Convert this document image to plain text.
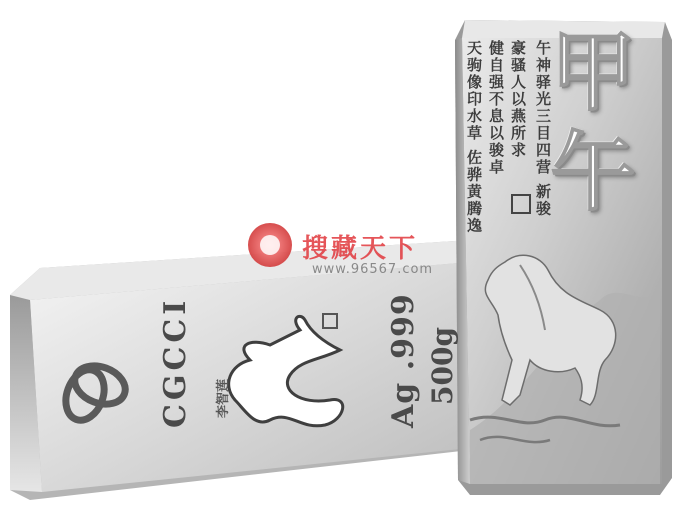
CGCCI	李智莲	Ag .999 500g
甲
午
午神驿光三目四营 新骏
豪骚人以燕所求
健自强不息以骏卓
天驹像印水草 佐骅黄腾逸
搜藏天下
www.96567.com
